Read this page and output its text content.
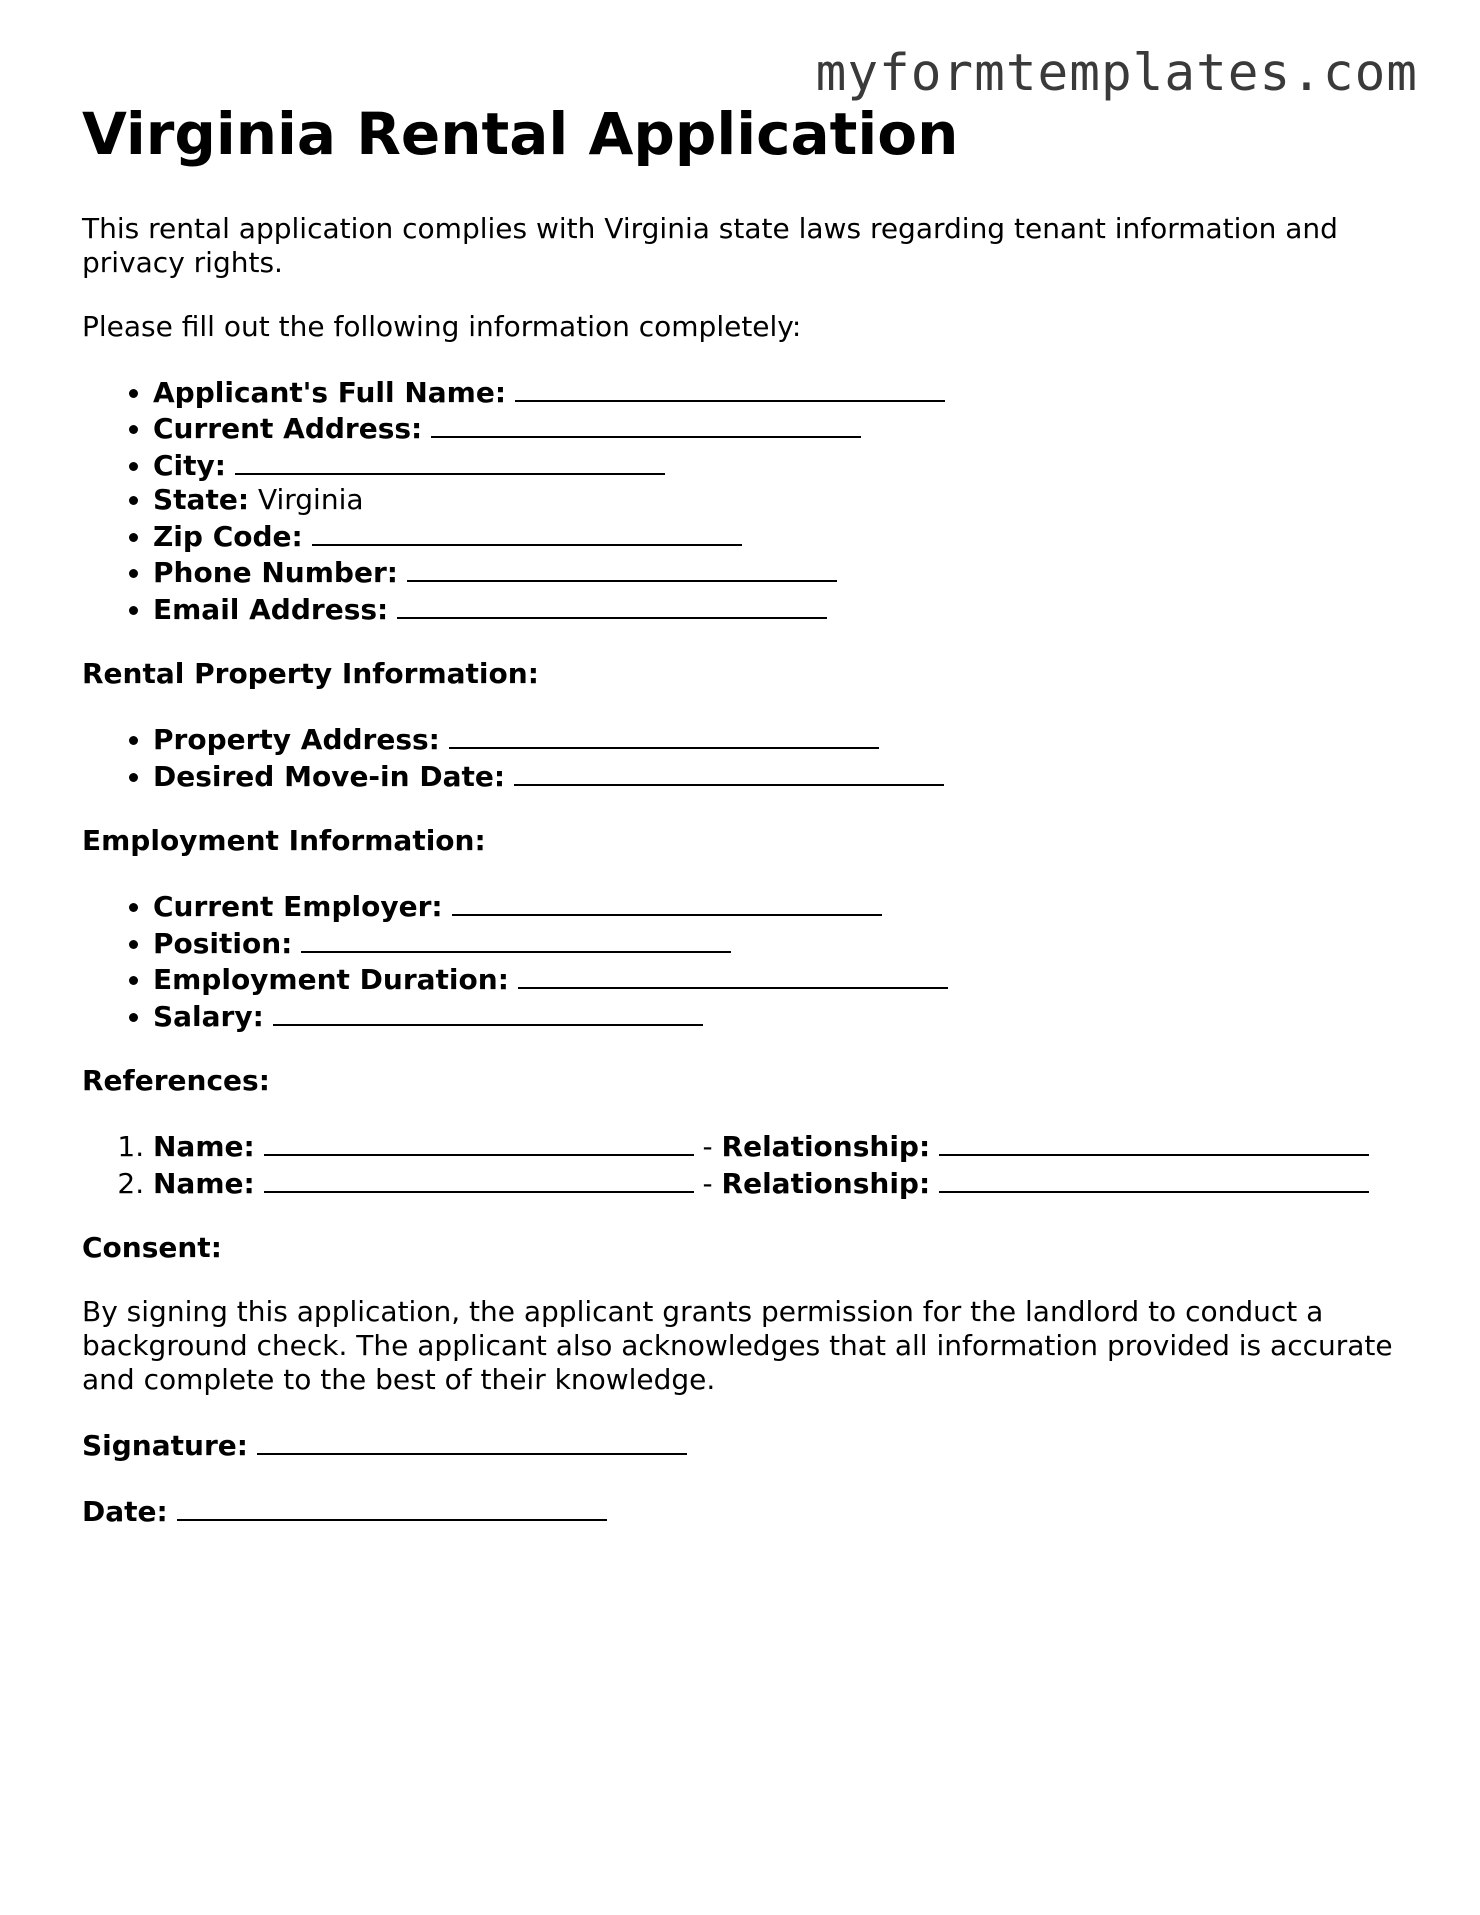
myformtemplates.com
Virginia Rental Application

This rental application complies with Virginia state laws regarding tenant information and privacy rights.

Please fill out the following information completely:

• Applicant's Full Name:
• Current Address:
• City:
• State: Virginia
• Zip Code:
• Phone Number:
• Email Address:
Rental Property Information:
• Property Address:
• Desired Move-in Date:
Employment Information:
• Current Employer:
• Position:
• Employment Duration:
• Salary:
References:
1. Name:	- Relationship:
2. Name:	- Relationship:
Consent:

By signing this application, the applicant grants permission for the landlord to conduct a background check. The applicant also acknowledges that all information provided is accurate and complete to the best of their knowledge.

Signature:
Date:
